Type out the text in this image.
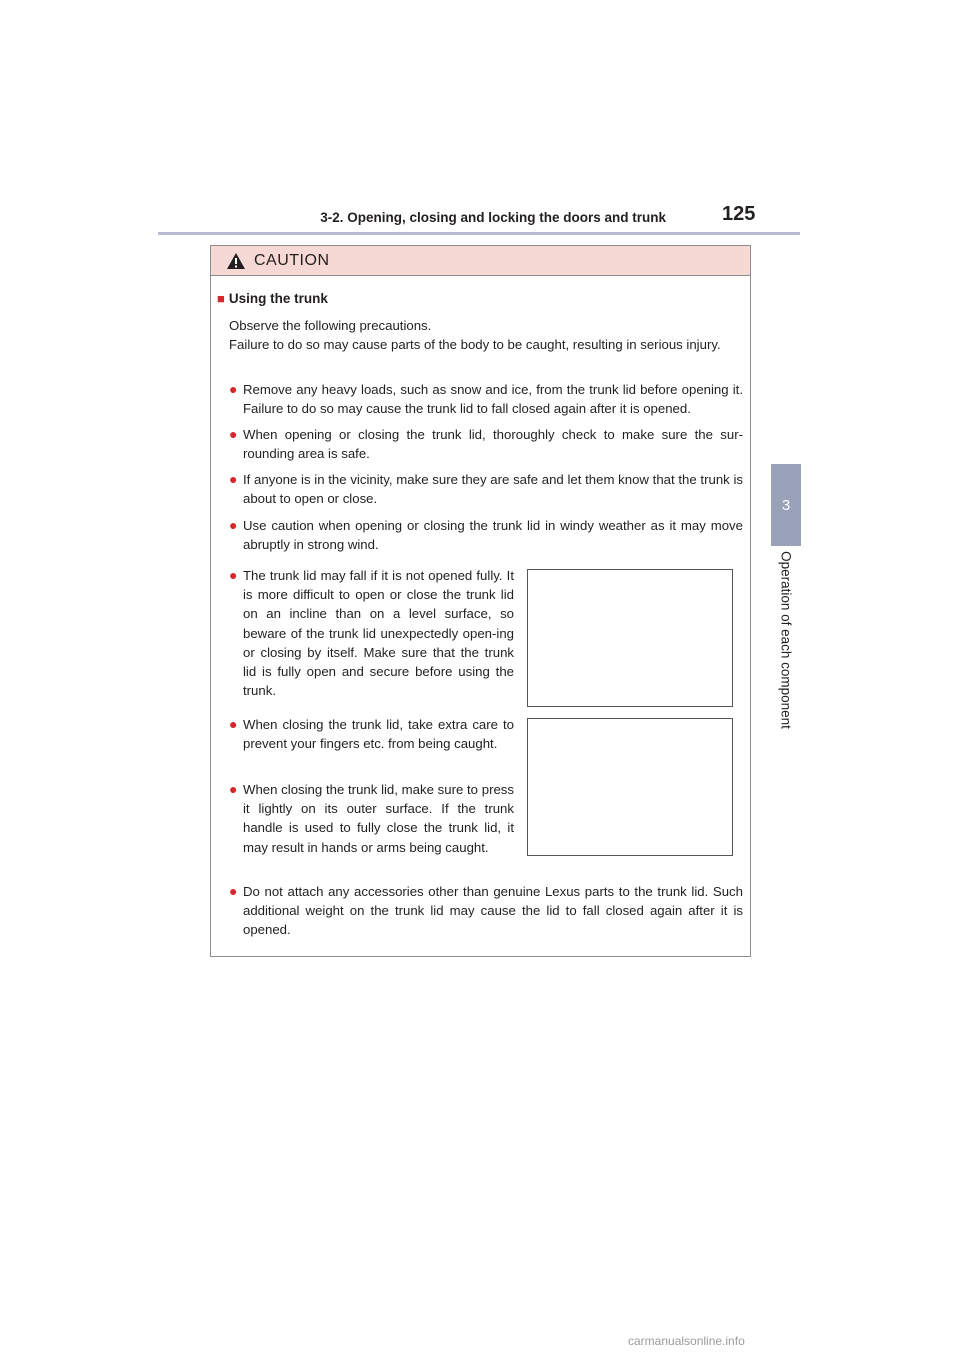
3-2. Opening, closing and locking the doors and trunk	125
3
Operation of each component
CAUTION
■ Using the trunk
Observe the following precautions.
Failure to do so may cause parts of the body to be caught, resulting in serious injury.
● Remove any heavy loads, such as snow and ice, from the trunk lid before opening it. Failure to do so may cause the trunk lid to fall closed again after it is opened.
● When opening or closing the trunk lid, thoroughly check to make sure the sur-rounding area is safe.
● If anyone is in the vicinity, make sure they are safe and let them know that the trunk is about to open or close.
● Use caution when opening or closing the trunk lid in windy weather as it may move abruptly in strong wind.
● The trunk lid may fall if it is not opened fully. It is more difficult to open or close the trunk lid on an incline than on a level surface, so beware of the trunk lid unexpectedly open-ing or closing by itself. Make sure that the trunk lid is fully open and secure before using the trunk.
● When closing the trunk lid, take extra care to prevent your fingers etc. from being caught.
● When closing the trunk lid, make sure to press it lightly on its outer surface. If the trunk handle is used to fully close the trunk lid, it may result in hands or arms being caught.
● Do not attach any accessories other than genuine Lexus parts to the trunk lid. Such additional weight on the trunk lid may cause the lid to fall closed again after it is opened.
carmanualsonline.info
